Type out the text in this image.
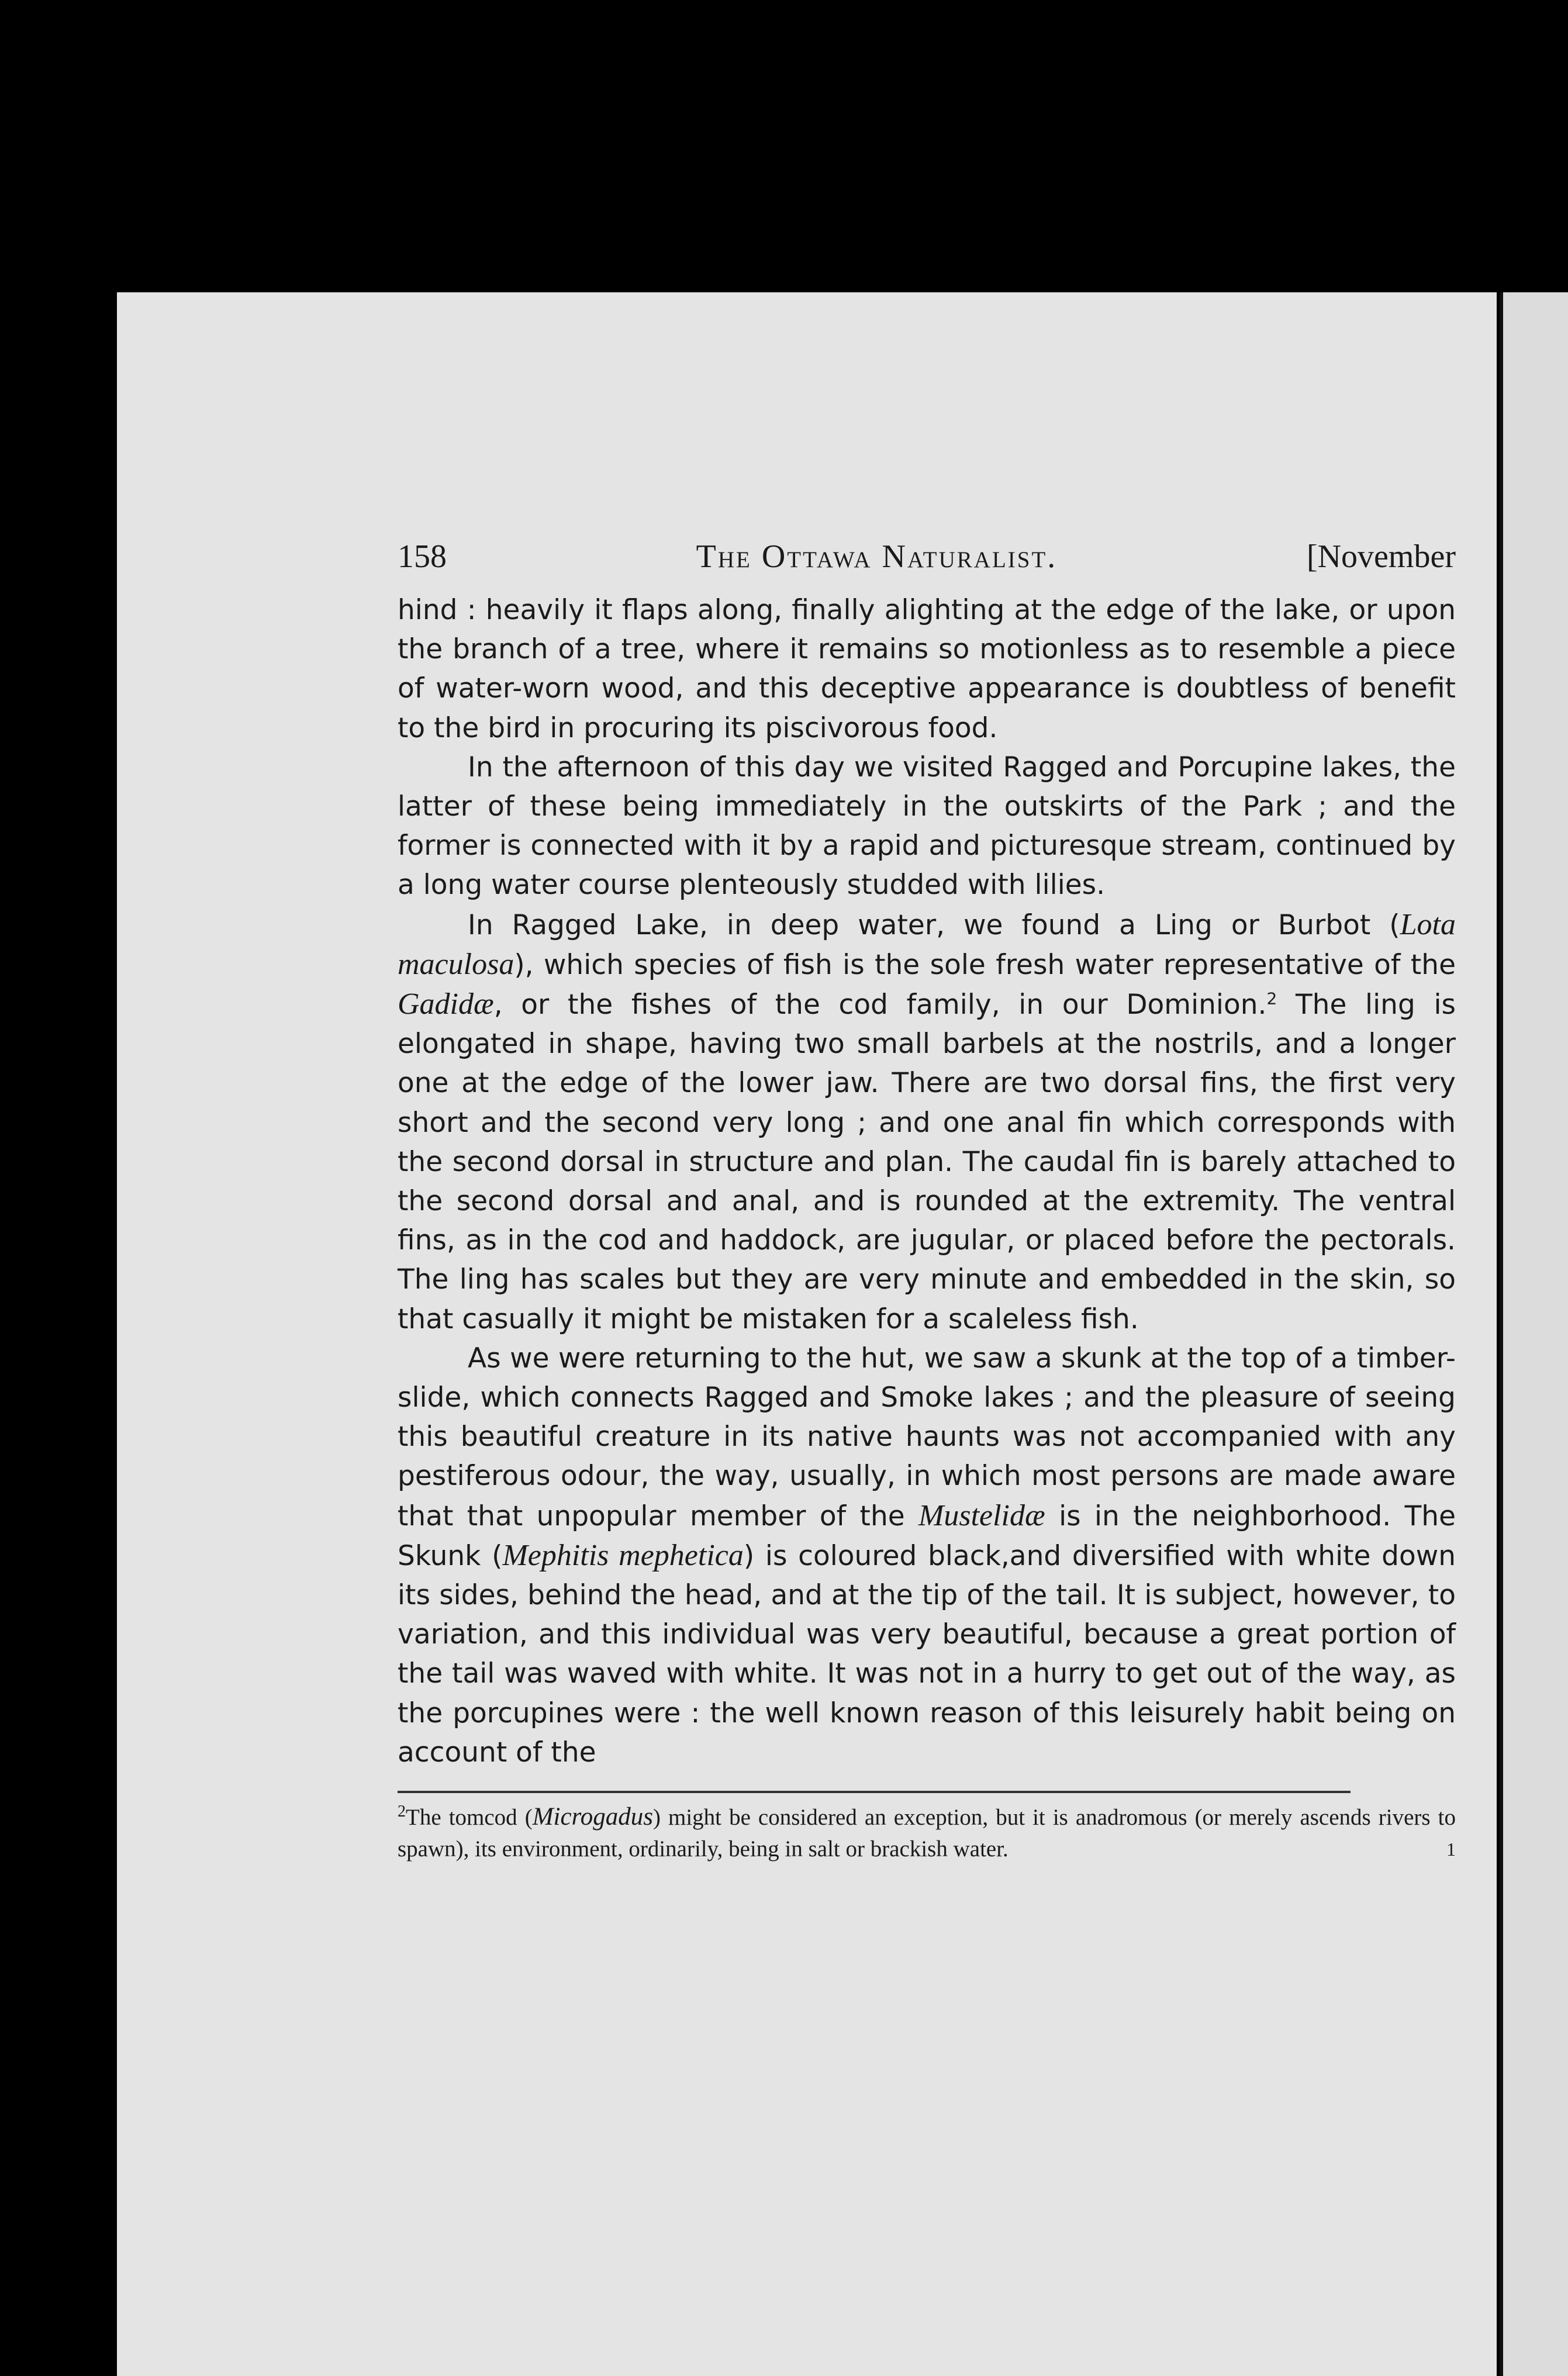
158	The Ottawa Naturalist.	[November

hind : heavily it flaps along, finally alighting at the edge of the lake, or upon the branch of a tree, where it remains so motionless as to resemble a piece of water-worn wood, and this deceptive appearance is doubtless of benefit to the bird in procuring its piscivorous food.

In the afternoon of this day we visited Ragged and Porcupine lakes, the latter of these being immediately in the outskirts of the Park ; and the former is connected with it by a rapid and picturesque stream, continued by a long water course plenteously studded with lilies.

In Ragged Lake, in deep water, we found a Ling or Burbot (Lota maculosa), which species of fish is the sole fresh water representative of the Gadidæ, or the fishes of the cod family, in our Dominion.$^2$ The ling is elongated in shape, having two small barbels at the nostrils, and a longer one at the edge of the lower jaw. There are two dorsal fins, the first very short and the second very long ; and one anal fin which corresponds with the second dorsal in structure and plan. The caudal fin is barely attached to the second dorsal and anal, and is rounded at the extremity. The ventral fins, as in the cod and haddock, are jugular, or placed before the pectorals. The ling has scales but they are very minute and embedded in the skin, so that casually it might be mistaken for a scaleless fish.

As we were returning to the hut, we saw a skunk at the top of a timber-slide, which connects Ragged and Smoke lakes ; and the pleasure of seeing this beautiful creature in its native haunts was not accompanied with any pestiferous odour, the way, usually, in which most persons are made aware that that unpopular member of the Mustelidæ is in the neighborhood. The Skunk (Mephitis mephetica) is coloured black,and diversified with white down its sides, behind the head, and at the tip of the tail. It is subject, however, to variation, and this individual was very beautiful, because a great portion of the tail was waved with white. It was not in a hurry to get out of the way, as the porcupines were : the well known reason of this leisurely habit being on account of the

$^2$The tomcod (Microgadus) might be considered an exception, but it is anadromous (or merely ascends rivers to spawn), its environment, ordinarily, being in salt or brackish water.	1
